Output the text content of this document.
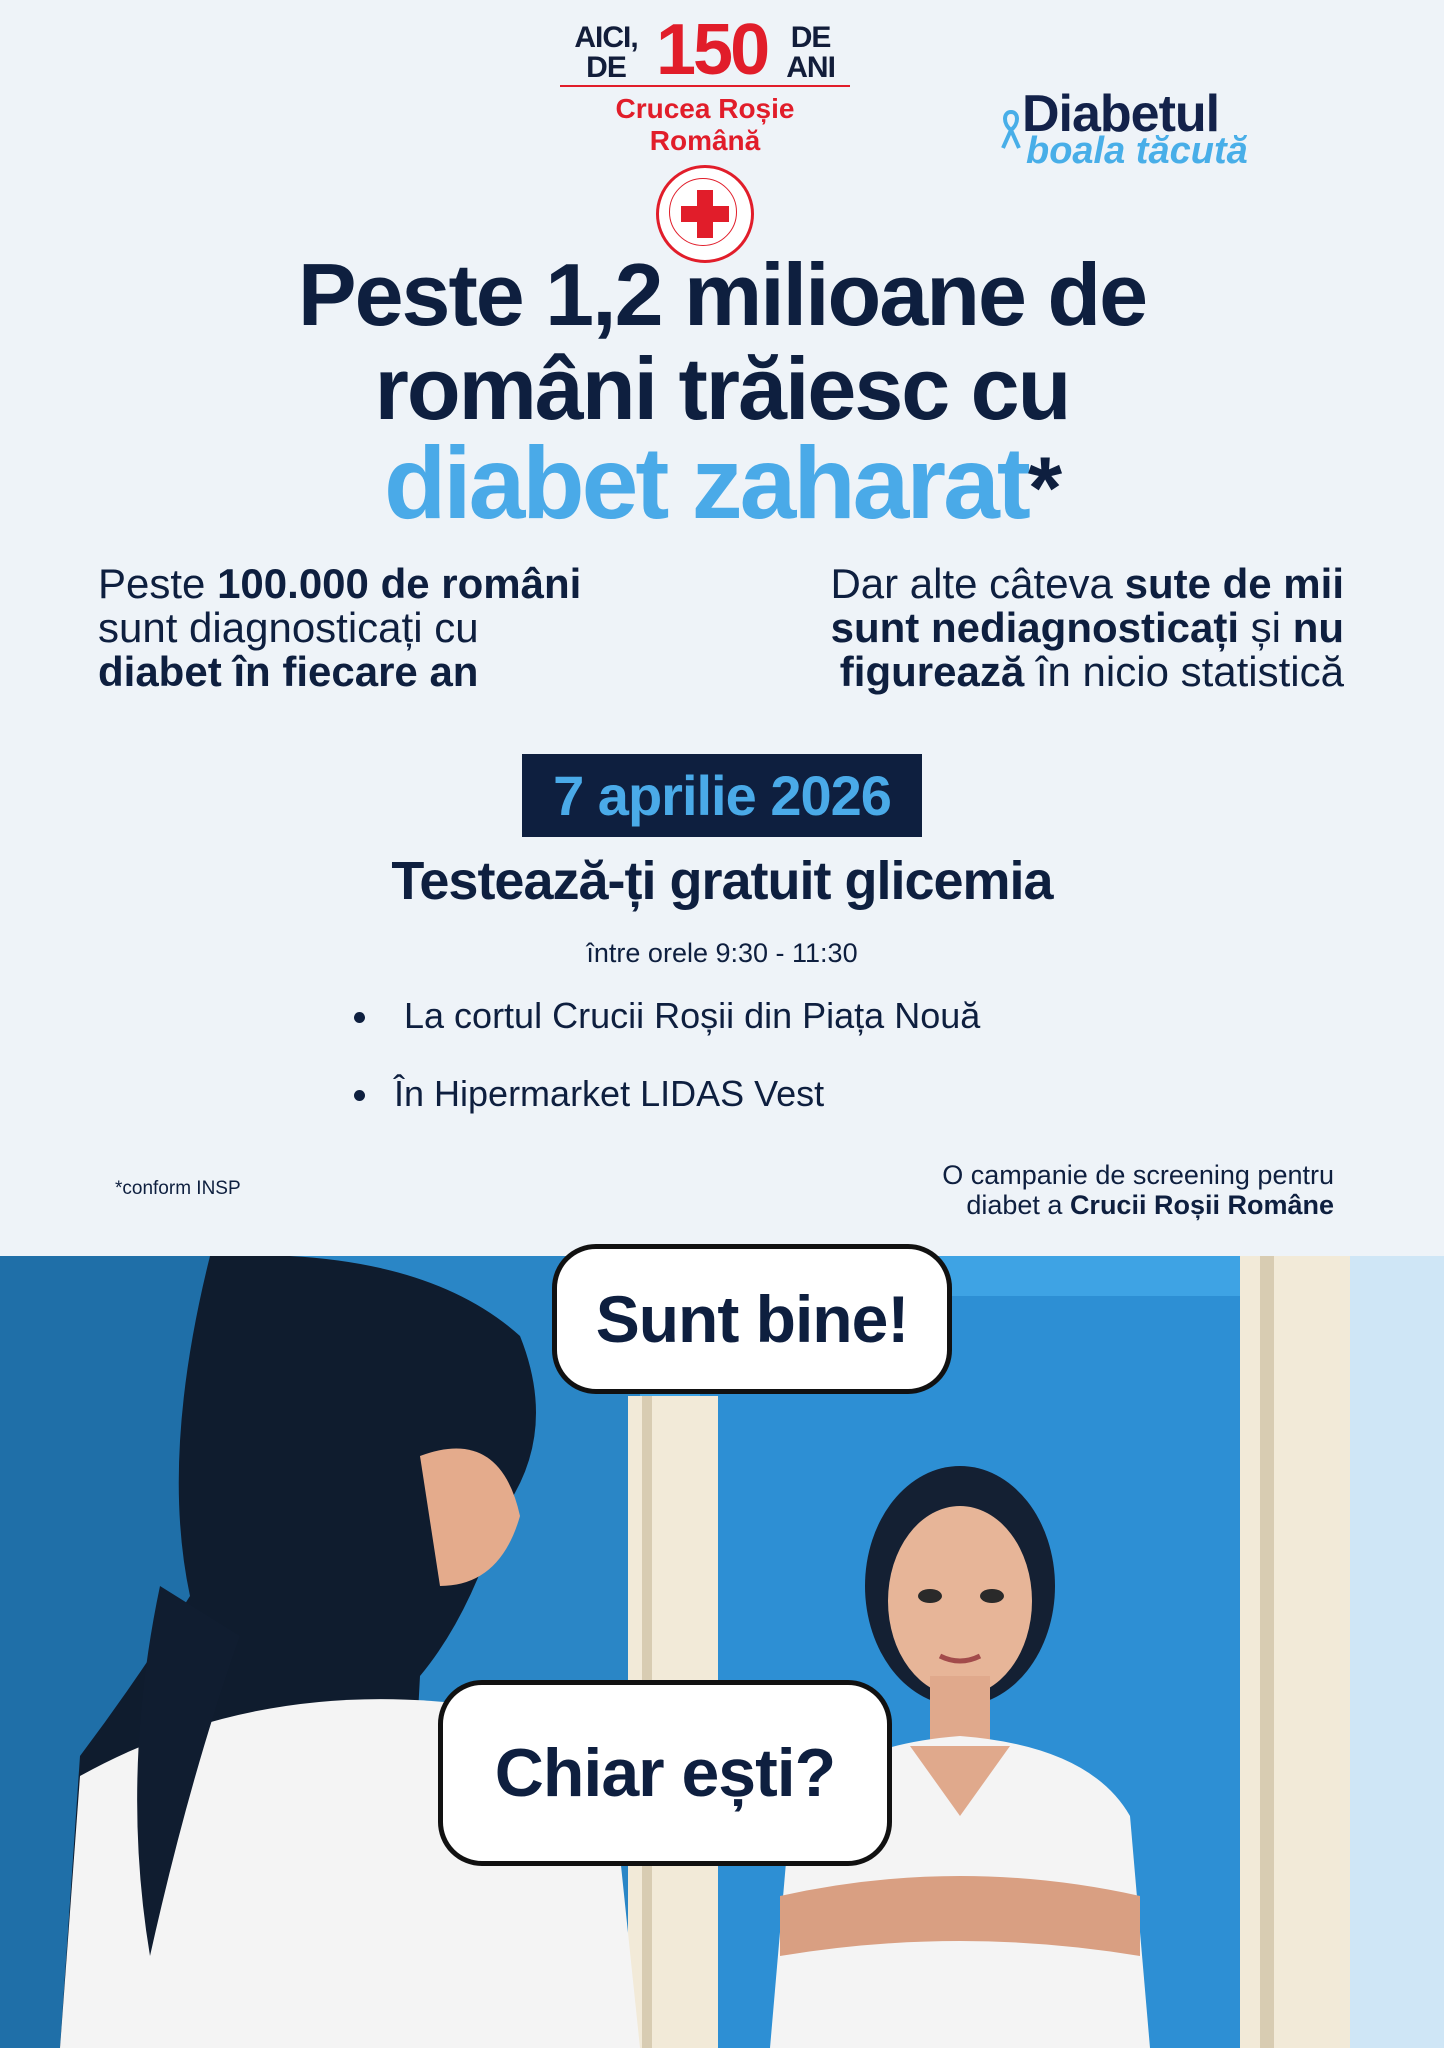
AICI, DE 150 DE ANI
Crucea Roșie Română	Diabetul
boala tăcută
Peste 1,2 milioane de
români trăiesc cu
diabet zaharat*
Peste 100.000 de români
sunt diagnosticați cu
diabet în fiecare an
Dar alte câteva sute de mii
sunt nediagnosticați și nu
figurează în nicio statistică
7 aprilie 2026
Testează-ți gratuit glicemia
între orele 9:30 - 11:30
La cortul Crucii Roșii din Piața Nouă
În Hipermarket LIDAS Vest
*conform INSP	O campanie de screening pentru
diabet a Crucii Roșii Române
Sunt bine!
Chiar ești?
